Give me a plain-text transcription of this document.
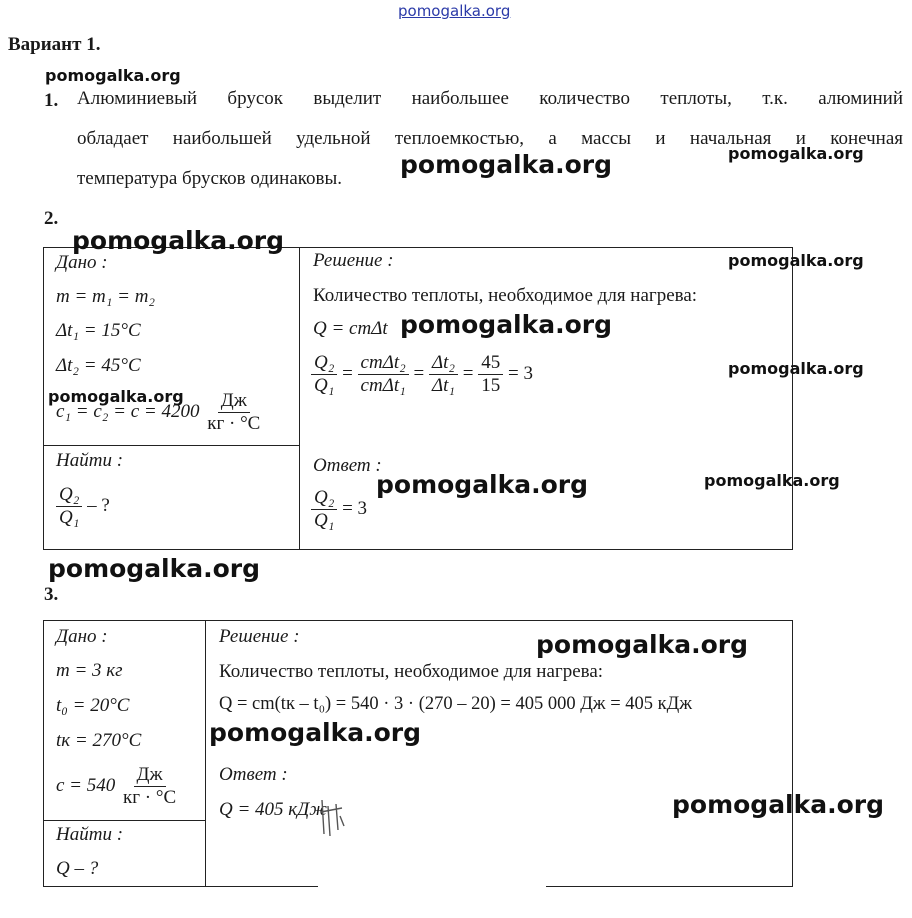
pomogalka.org
Вариант 1.
pomogalka.org
1. Алюминиевый брусок выделит наибольшее количество теплоты, т.к. алюминий
обладает наибольшей удельной теплоемкостью, а массы и начальная и конечная
температура брусков одинаковы.
pomogalka.org
pomogalka.org
2.
Дано :
m = m₁ = m₂
Δt₁ = 15°C
Δt₂ = 45°C
$c_1 = c_2 = c = 4200 \frac{Дж}{кг \cdot ^\circ C}$
pomogalka.org
pomogalka.org
Найти :
$\frac{\text{Q₂}}{\text{Q₁}}$ – ?
Решение :
Количество теплоты, необходимое для нагрева:
Q = cmΔt
$\frac{\text{Q₂}}{\text{Q₁}} = \frac{\text{cmΔt₂}}{\text{cmΔt₁}} = \frac{\text{Δt₂}}{\text{Δt₁}} = \frac{45}{15} = 3$
pomogalka.org
pomogalka.org
pomogalka.org
Ответ :
$\frac{\text{Q₂}}{\text{Q₁}} = 3$
pomogalka.org	pomogalka.org
pomogalka.org
3.
Дано :
m = 3 кг
t₀ = 20°C
tк = 270°C
$c = 540 \frac{Дж}{кг \cdot ^\circ C}$
Найти :
Q – ?
Решение :
Количество теплоты, необходимое для нагрева:
Q = cm(tк – t₀) = 540 · 3 · (270 – 20) = 405 000 Дж = 405 кДж
Ответ :
Q = 405 кДж
pomogalka.org
pomogalka.org
pomogalka.org
